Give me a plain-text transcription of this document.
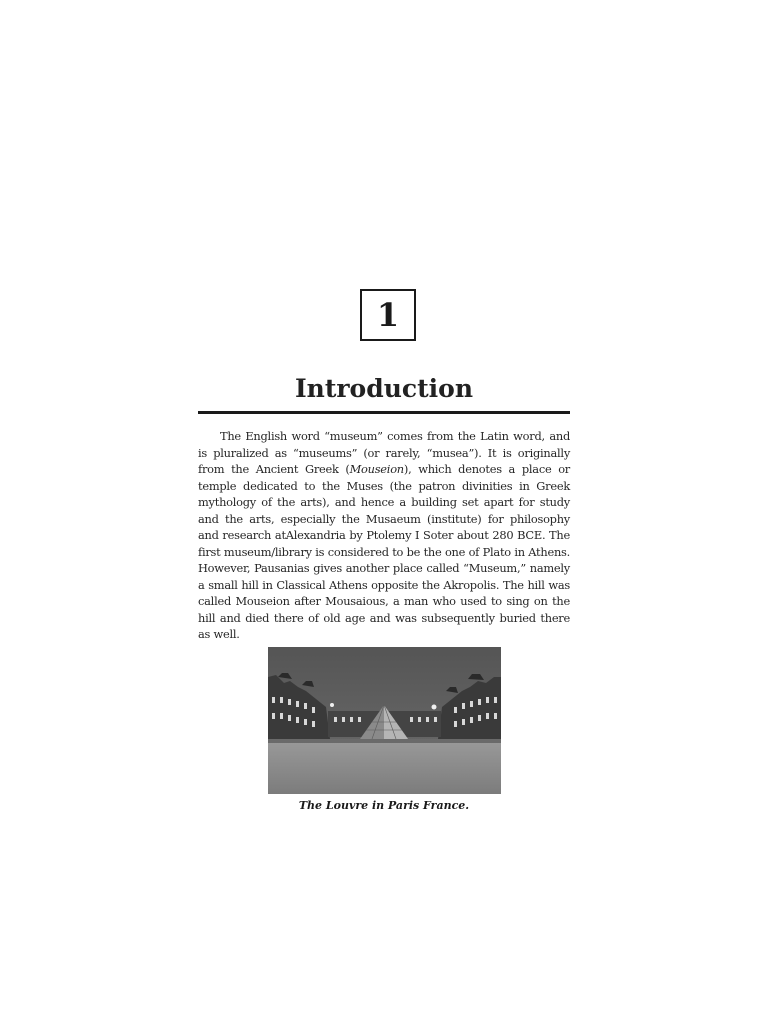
1
Introduction

The English word “museum” comes from the Latin word, and is pluralized as “museums” (or rarely, “musea”). It is originally from the Ancient Greek (Mouseion), which denotes a place or temple dedicated to the Muses (the patron divinities in Greek mythology of the arts), and hence a building set apart for study and the arts, especially the Musaeum (institute) for philosophy and research atAlexandria by Ptolemy I Soter about 280 BCE. The first museum/library is considered to be the one of Plato in Athens. However, Pausanias gives another place called “Museum,” namely a small hill in Classical Athens opposite the Akropolis. The hill was called Mouseion after Mousaious, a man who used to sing on the hill and died there of old age and was subsequently buried there as well.

The Louvre in Paris France.
